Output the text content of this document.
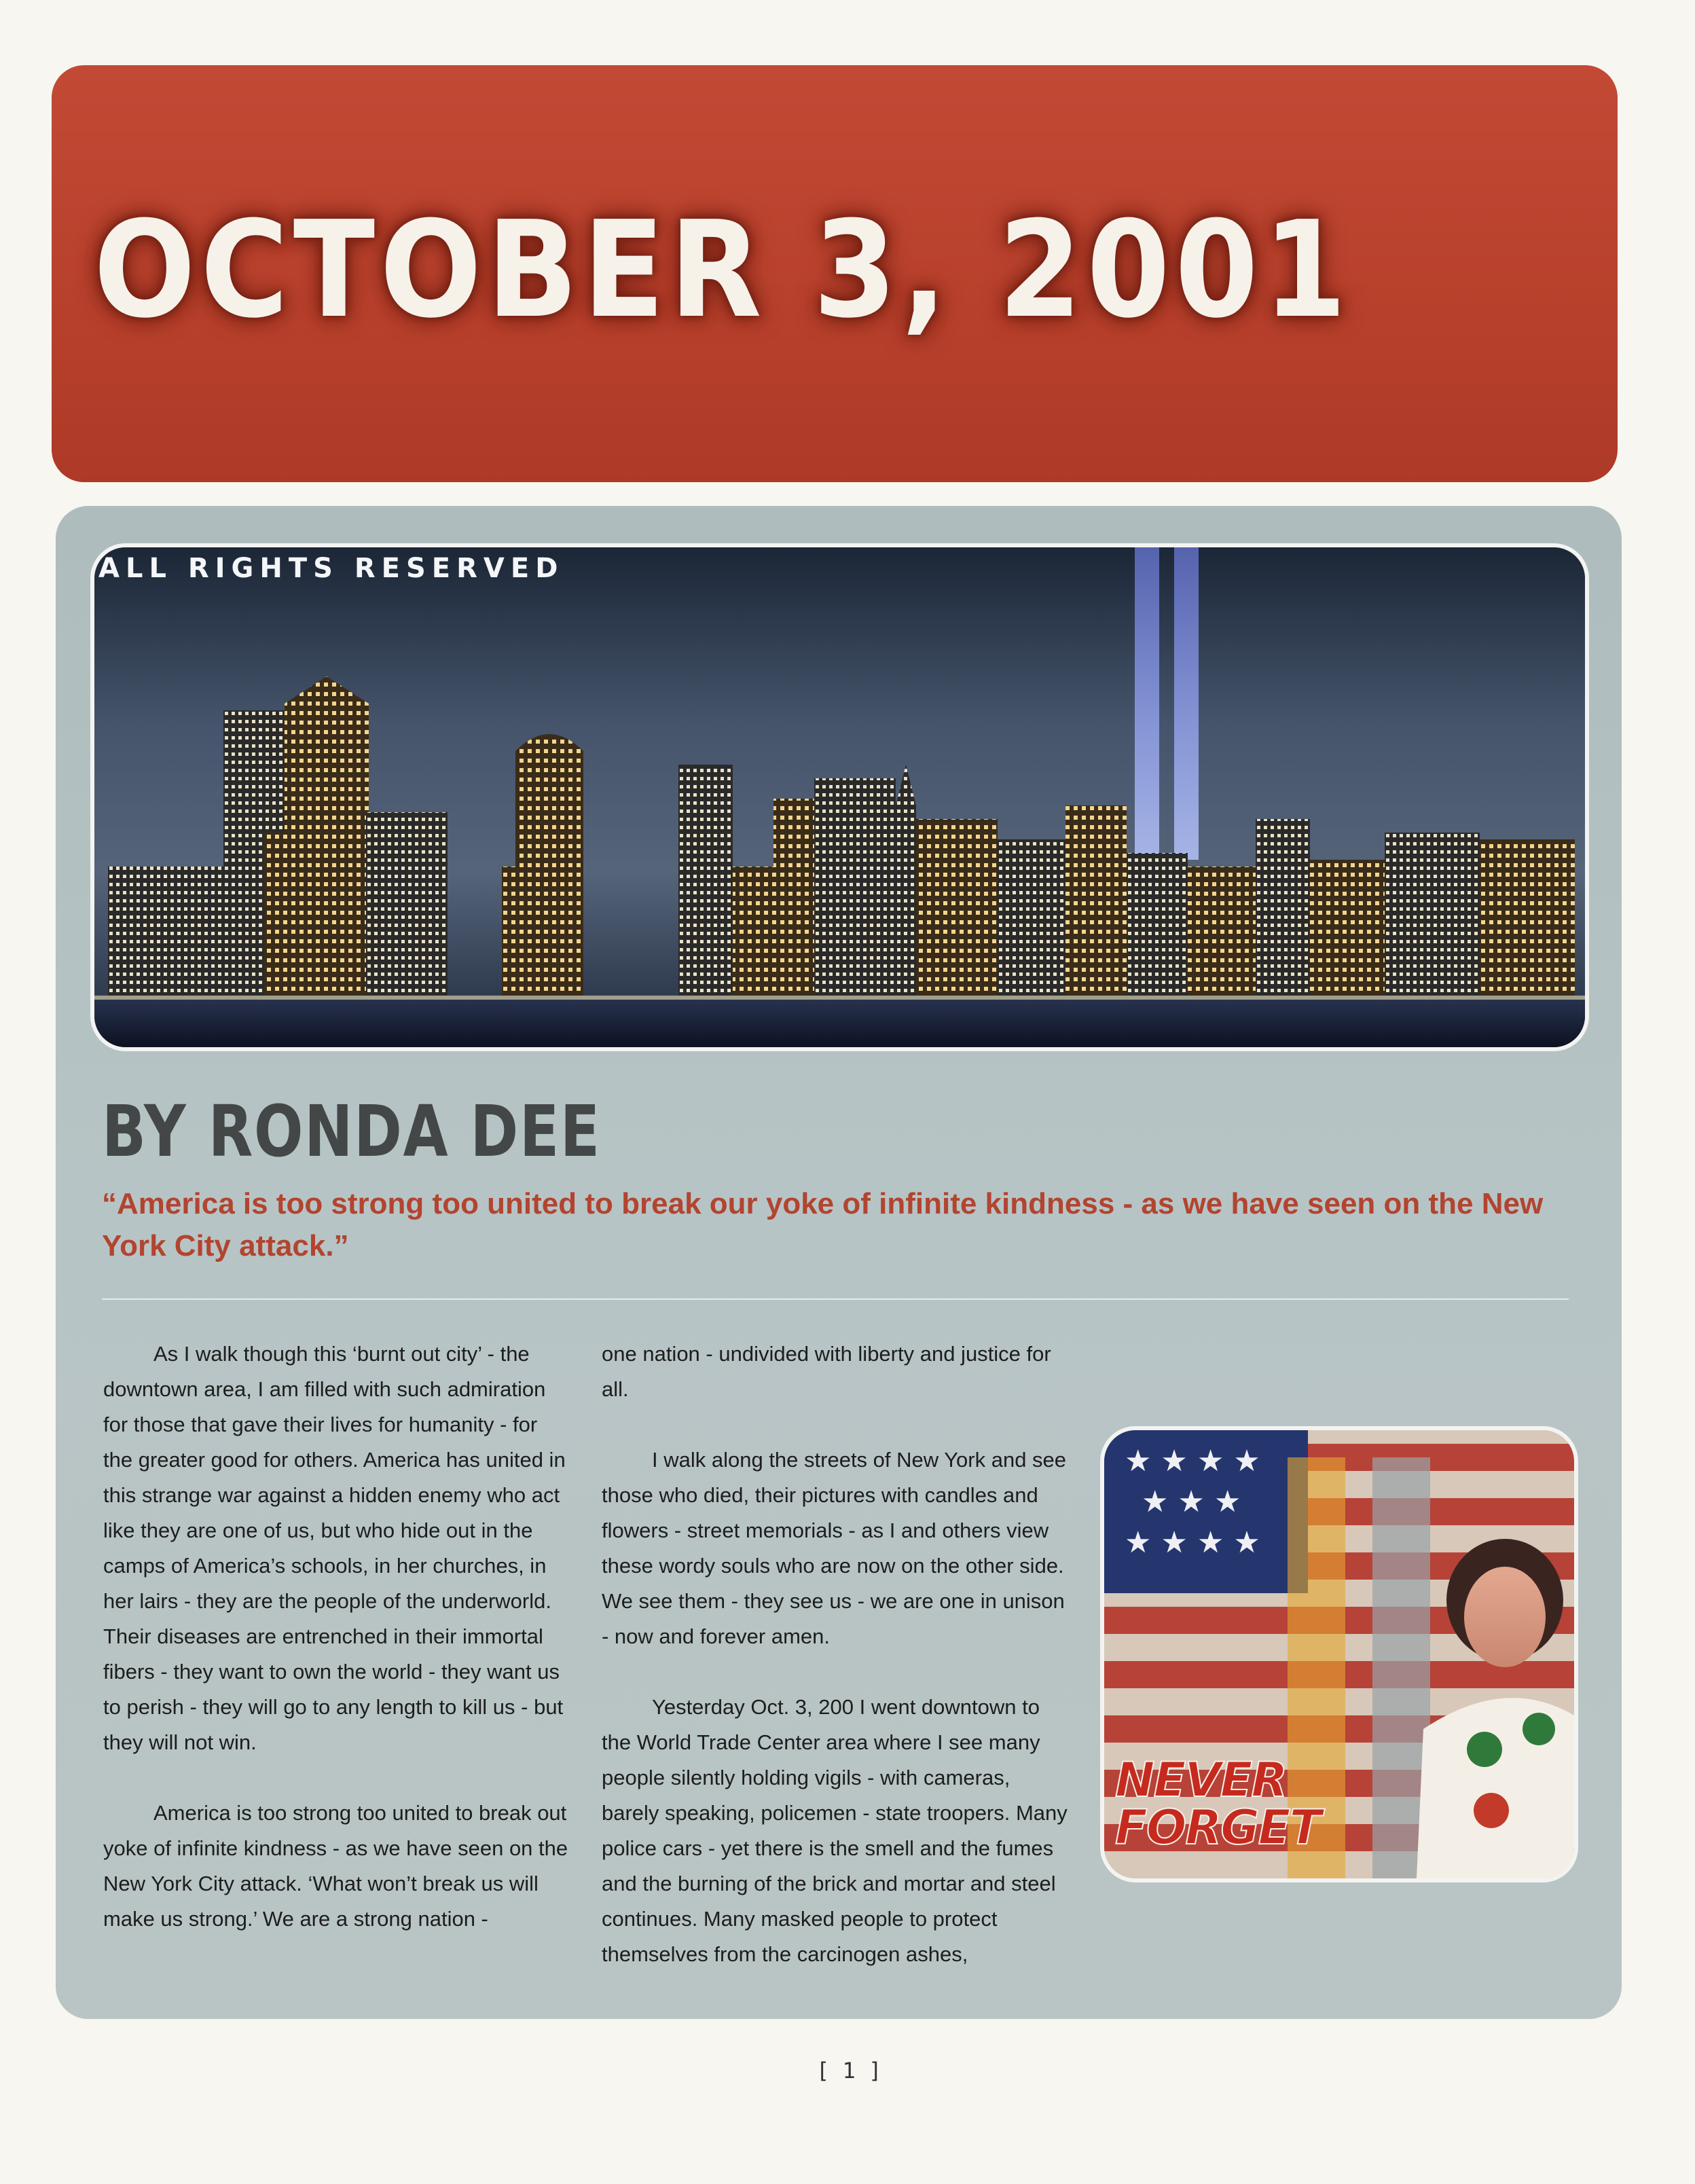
OCTOBER 3, 2001

ALL RIGHTS RESERVED

BY RONDA DEE

“America is too strong too united to break our yoke of infinite kindness - as we have seen on the New York City attack.”

As I walk though this ‘burnt out city’ - the downtown area, I am filled with such admiration for those that gave their lives for humanity - for the greater good for others. America has united in this strange war against a hidden enemy who act like they are one of us, but who hide out in the camps of America’s schools, in her churches, in her lairs - they are the people of the underworld. Their diseases are entrenched in their immortal fibers - they want to own the world - they want us to perish - they will go to any length to kill us - but they will not win.

America is too strong too united to break out yoke of infinite kindness - as we have seen on the New York City attack. ‘What won’t break us will make us strong.’ We are a strong nation -

one nation - undivided with liberty and justice for all.

I walk along the streets of New York and see those who died, their pictures with candles and flowers - street memorials - as I and others view these wordy souls who are now on the other side. We see them - they see us - we are one in unison - now and forever amen.

Yesterday Oct. 3, 200 I went downtown to the World Trade Center area where I see many people silently holding vigils - with cameras, barely speaking, policemen - state troopers. Many police cars - yet there is the smell and the fumes and the burning of the brick and mortar and steel continues. Many masked people to protect themselves from the carcinogen ashes,

★ ★ ★ ★
★ ★ ★
★ ★ ★ ★

NEVER
FORGET

[ 1 ]
